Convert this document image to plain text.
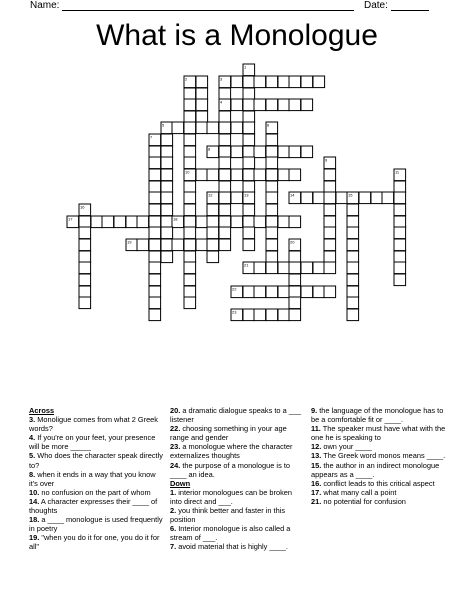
Name:	Date:
What is a Monologue
1
2	3
4
5	6
7
8
9
10	11
12	13	14	15
16
17	18
19	20
21
22
23
Across

3. Monoligue comes from what 2 Greek words?

4. If you're on your feet, your presence will be more _____

5. Who does the character speak directly to?

8. when it ends in a way that you know it's over

10. no confusion on the part of whom

14. A character expresses their ____ of thoughts

18. a ____ monologue is used frequently in poetry

19. "when you do it for one, you do it for all"

20. a dramatic dialogue speaks to a ___ listener

22. choosing something in your age range and gender

23. a monologue where the character externalizes thoughts

24. the purpose of a monologue is to ____ an idea.

Down

1. interior monologues can be broken into direct and ___.

2. you think better and faster in this position

6. Interior monologue is also called a stream of ___.

7. avoid material that is highly ____.

9. the language of the monologue has to be a comfortable fit or ____.

11. The speaker must have what with the one he is speaking to

12. own your ____

13. The Greek word monos means ____.

15. the author in an indirect monologue appears as a ____.

16. conflict leads to this critical aspect

17. what many call a point

21. no potential for confusion
